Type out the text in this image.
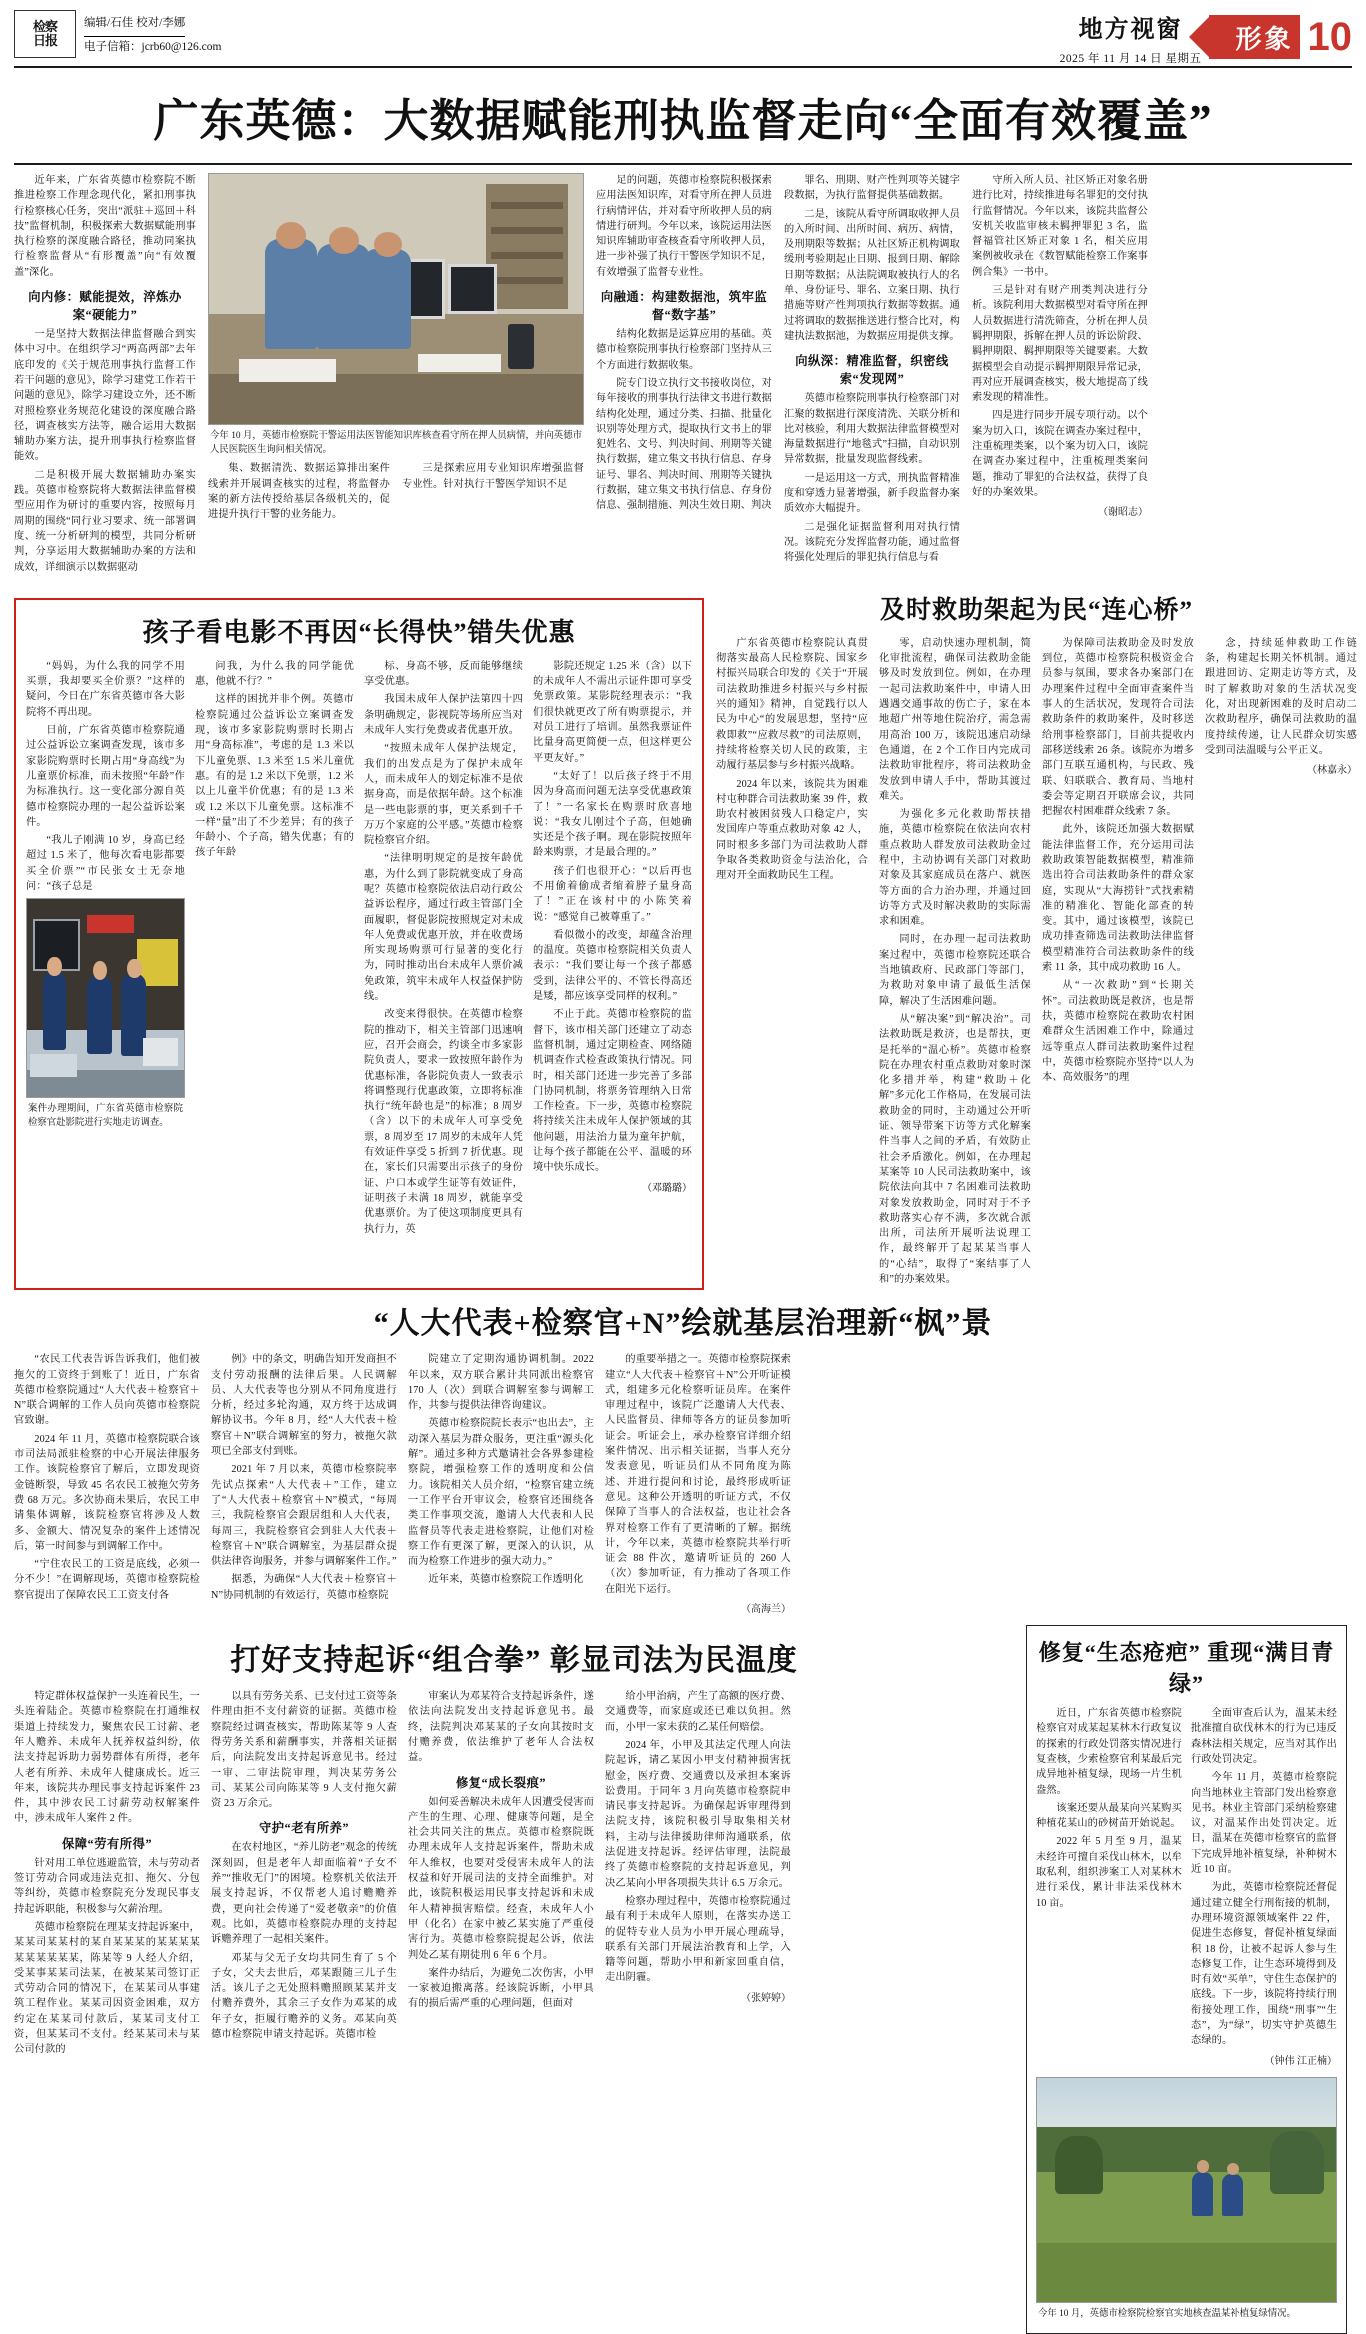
检察
日报
编辑/石佳 校对/李娜
电子信箱：jcrb60@126.com
地方视窗
2025 年 11 月 14 日 星期五
形象 10
广东英德：大数据赋能刑执监督走向“全面有效覆盖”

近年来，广东省英德市检察院不断推进检察工作理念现代化，紧扣刑事执行检察核心任务，突出“派驻＋巡回＋科技”监督机制，积极探索大数据赋能刑事执行检察的深度融合路径，推动同案执行检察监督从“有形覆盖”向“有效覆盖”深化。

向内修：赋能提效，淬炼办案“硬能力”

一是坚持大数据法律监督融合到实体中习中。在组织学习“两高两部”去年底印发的《关于规范刑事执行监督工作若干问题的意见》，除学习建党工作若干问题的意见》，除学习建设立外，还不断对照检察业务规范化建设的深度融合路径，调查核实方法等，融合运用大数据辅助办案方法，提升刑事执行检察监督能效。

二是积极开展大数据辅助办案实践。英德市检察院将大数据法律监督模型应用作为研讨的重要内容，按照每月周期的围绕“同行业习要求、统一部署调度、统一分析研判的模型，共同分析研判，分享运用大数据辅助办案的方法和成效，详细演示以数据驱动

今年 10 月，英德市检察院干警运用法医智能知识库核查看守所在押人员病情，并向英德市人民医院医生询问相关情况。

集、数据清洗、数据运算排出案件线索并开展调查核实的过程，将监督办案的新方法传授给基层各级机关的，促进提升执行干警的业务能力。

三是探索应用专业知识库增强监督专业性。针对执行干警医学知识不足

足的问题，英德市检察院积极探索应用法医知识库，对看守所在押人员进行病情评估，并对看守所收押人员的病情进行研判。今年以来，该院运用法医知识库辅助审查核查看守所收押人员，进一步补强了执行干警医学知识不足，有效增强了监督专业性。

向融通：构建数据池，筑牢监督“数字基”

结构化数据是运算应用的基础。英德市检察院刑事执行检察部门坚持从三个方面进行数据收集。

院专门设立执行文书接收岗位，对每年接收的刑事执行法律文书进行数据结构化处理，通过分类、扫描、批量化识别等处理方式，提取执行文书上的罪犯姓名、文号、判决时间、刑期等关键执行数据，建立集文书执行信息、存身证号、罪名、判决时间、刑期等关键执行数据，建立集文书执行信息、存身份信息、强制措施、判决生效日期、判决

罪名、刑期、财产性判项等关键字段数据，为执行监督提供基础数据。

二是，该院从看守所调取收押人员的入所时间、出所时间、病历、病情，及刑期限等数据；从社区矫正机构调取缓刑考验期起止日期、报到日期、解除日期等数据；从法院调取被执行人的名单、身份证号、罪名、立案日期、执行措施等财产性判项执行数据等数据。通过将调取的数据推送进行整合比对，构建执法数据池，为数据应用提供支撑。

向纵深：精准监督，织密线索“发现网”

英德市检察院刑事执行检察部门对汇聚的数据进行深度清洗、关联分析和比对核验，利用大数据法律监督模型对海量数据进行“地毯式”扫描，自动识别异常数据，批量发现监督线索。

一是运用这一方式，刑执监督精准度和穿透力显著增强，新手段监督办案质效亦大幅提升。

二是强化证据监督利用对执行情况。该院充分发挥监督功能，通过监督将强化处理后的罪犯执行信息与看

守所入所人员、社区矫正对象名册进行比对，持续推进每名罪犯的交付执行监督情况。今年以来，该院共监督公安机关收监审核未羁押罪犯 3 名，监督福管社区矫正对象 1 名，相关应用案例被收录在《数智赋能检察工作案事例合集》一书中。

三是针对有财产刑类判决进行分析。该院利用大数据模型对看守所在押人员数据进行清洗筛查，分析在押人员羁押期限，拆解在押人员的诉讼阶段、羁押期限、羁押期限等关键要素。大数据模型会自动提示羁押期限异常记录，再对应开展调查核实，极大地提高了线索发现的精准性。

四是进行同步开展专项行动。以个案为切入口，该院在调查办案过程中，注重梳理类案，以个案为切入口，该院在调查办案过程中，注重梳理类案问题，推动了罪犯的合法权益，获得了良好的办案效果。

（谢昭志）
孩子看电影不再因“长得快”错失优惠

“妈妈，为什么我的同学不用买票，我却要买全价票？”这样的疑问，今日在广东省英德市各大影院将不再出现。

日前，广东省英德市检察院通过公益诉讼立案调查发现，该市多家影院购票时长期占用“身高线”为儿童票价标准，而未按照“年龄”作为标准执行。这一变化部分源自英德市检察院办理的一起公益诉讼案件。

“我儿子刚满 10 岁，身高已经超过 1.5 米了，他每次看电影都要买全价票”“市民张女士无奈地问：“孩子总是

案件办理期间，广东省英德市检察院检察官赴影院进行实地走访调查。

问我，为什么我的同学能优惠，他就不行？”

这样的困扰并非个例。英德市检察院通过公益诉讼立案调查发现，该市多家影院购票时长期占用“身高标准”，考虑的是 1.3 米以下儿童免票、1.3 米至 1.5 米儿童优惠。有的是 1.2 米以下免票，1.2 米以上儿童半价优惠；有的是 1.3 米或 1.2 米以下儿童免票。这标准不一样“量”出了不少差异；有的孩子年龄小、个子高，错失优惠；有的孩子年龄

标、身高不够，反而能够继续享受优惠。

我国未成年人保护法第四十四条明确规定，影视院等场所应当对未成年人实行免费或者优惠开放。

“按照未成年人保护法规定，我们的出发点是为了保护未成年人，而未成年人的划定标准不是依据身高，而是依据年龄。这个标准是一些电影票的事，更关系到千千万万个家庭的公平感。”英德市检察院检察官介绍。

“法律明明规定的是按年龄优惠，为什么到了影院就变成了身高呢？英德市检察院依法启动行政公益诉讼程序，通过行政主管部门全面履职，督促影院按照规定对未成年人免费或优惠开放，并在收费场所实现场购票可行显著的变化行为，同时推动出台未成年人票价减免政策，筑牢未成年人权益保护防线。

改变来得很快。在英德市检察院的推动下，相关主管部门迅速响应，召开会商会，约谈全市多家影院负责人，要求一致按照年龄作为优惠标准，各影院负责人一致表示将调整现行优惠政策，立即将标准执行“统年龄也是”的标准；8 周岁（含）以下的未成年人可享受免票，8 周岁至 17 周岁的未成年人凭有效证件享受 5 折到 7 折优惠。现在，家长们只需要出示孩子的身份证、户口本或学生证等有效证件，证明孩子未满 18 周岁，就能享受优惠票价。为了使这项制度更具有执行力，英

影院还规定 1.25 米（含）以下的未成年人不需出示证件即可享受免票政策。某影院经理表示：“我们很快就更改了所有购票提示，并对员工进行了培训。虽然我票证件比量身高更简便一点，但这样更公平更友好。”

“太好了！以后孩子终于不用因为身高而问题无法享受优惠政策了！”一名家长在购票时欣喜地说：“我女儿刚过个子高，但她确实还是个孩子啊。现在影院按照年龄来购票，才是最合理的。”

孩子们也很开心：“以后再也不用偷着偷成者缩着脖子量身高了！”正在该村中的小陈笑着说：“感觉自己被尊重了。”

看似微小的改变，却蕴含治理的温度。英德市检察院相关负责人表示：“我们要让每一个孩子都感受到，法律公平的、不管长得高还是矮，都应该享受同样的权利。”

不止于此。英德市检察院的监督下，该市相关部门还建立了动态监督机制，通过定期检查、网络随机调查作式检查政策执行情况。同时，相关部门还进一步完善了多部门协同机制，将票务管理纳入日常工作检查。下一步，英德市检察院将持续关注未成年人保护领域的其他问题，用法治力量为童年护航，让每个孩子都能在公平、温暖的环境中快乐成长。

（邓璐璐）
及时救助架起为民“连心桥”

广东省英德市检察院认真贯彻落实最高人民检察院、国家乡村振兴局联合印发的《关于“开展司法救助推进乡村振兴与乡村振兴的通知》精神，自觉践行以人民为中心“的发展思想，坚持“应救即救”“应救尽救”的司法原则，持续将检察关切人民的政策，主动履行基层参与乡村振兴战略。

2024 年以来，该院共为困难村屯种群合司法救助案 39 件，救助农村被困贫残人口稳定户，实发国库户等重点救助对象 42 人，同时根多多部门为司法救助人群争取各类救助资金与法治化，合理对开全面救助民生工程。

零，启动快速办理机制，简化审批流程，确保司法救助金能够及时发放到位。例如，在办理一起司法救助案件中，申请人田遇遇交通事故的伤亡子，家在本地超广州等地住院治疗，需急需用高治 100 万，该院迅速启动绿色通道，在 2 个工作日内完成司法救助审批程序，将司法救助金发放到申请人手中，帮助其渡过难关。

为强化多元化救助帮扶措施，英德市检察院在依法向农村重点救助人群发放司法救助金过程中，主动协调有关部门对救助对象及其家庭成员在落户、就医等方面的合力治办理，并通过回访等方式及时解决救助的实际需求和困难。

同时，在办理一起司法救助案过程中，英德市检察院还联合当地镇政府、民政部门等部门，为救助对象申请了最低生活保障，解决了生活困难问题。

从“解决案”到“解决治”。司法救助既是救济，也是帮扶，更是托举的“温心桥”。英德市检察院在办理农村重点救助对象时深化多措并举，构建“救助＋化解”多元化工作格局，在发展司法救助金的同时，主动通过公开听证、领导带案下访等方式化解案件当事人之间的矛盾，有效防止社会矛盾激化。例如，在办理起某案等 10 人民司法救助案中，该院依法向其中 7 名困难司法救助对象发放救助金，同时对于不予救助落实心存不满，多次就合派出所，司法所开展听法说理工作，最终解开了起某某当事人的“心结”，取得了“案结事了人和”的办案效果。

为保障司法救助金及时发放到位，英德市检察院积极资金合员参与氛围，要求各办案部门在办理案件过程中全面审查案件当事人的生活状况，发现符合司法救助条件的救助案件，及时移送给刑事检察部门，目前共提收内部移送线索 26 条。该院亦为增多部门互联互通机构，与民政、残联、妇联联合、教育局、当地村委会等定期召开联席会议，共同把握农村困难群众线索 7 条。

此外，该院还加强大数据赋能法律监督工作，充分运用司法救助政策智能数据模型，精准筛选出符合司法救助条件的群众家庭，实现从“大海捞针”式找索精准的精准化、智能化部查的转变。其中，通过该模型，该院已成功排查筛选司法救助法律监督模型精准符合司法救助条件的线索 11 条，其中成功救助 16 人。

从“一次救助”到“长期关怀”。司法救助既是救济，也是帮扶，英德市检察院在救助农村困难群众生活困难工作中，除通过远等重点人群司法救助案件过程中，英德市检察院亦坚持“以人为本、高效服务”的理

念，持续延伸救助工作链条，构建起长期关怀机制。通过跟进回访、定期走访等方式，及时了解救助对象的生活状况变化，对出现新困难的及时启动二次救助程序，确保司法救助的温度持续传递，让人民群众切实感受到司法温暖与公平正义。

（林嘉永）
“人大代表+检察官+N”绘就基层治理新“枫”景

“农民工代表告诉告诉我们，他们被拖欠的工资终于到账了！近日，广东省英德市检察院通过“人大代表＋检察官＋N”联合调解的工作人员向英德市检察院官致谢。

2024 年 11 月，英德市检察院联合该市司法局派驻检察的中心开展法律服务工作。该院检察官了解后，立即发现资金链断裂，导致 45 名农民工被拖欠劳务费 68 万元。多次协商未果后，农民工申请集体调解，该院检察官将涉及人数多、金额大、情况复杂的案件上述情况后，第一时间参与到调解工作中。

“宁住农民工的工资是底线，必须一分不少！”在调解现场，英德市检察院检察官提出了保障农民工工资支付各

例》中的条文，明确告知开发商担不支付劳动报酬的法律后果。人民调解员、人大代表等也分别从不同角度进行分析，经过多轮沟通，双方终于达成调解协议书。今年 8 月，经“人大代表＋检察官＋N”联合调解室的努力，被拖欠款项已全部支付到账。

2021 年 7 月以来，英德市检察院率先试点探索“人大代表＋”工作，建立了“人大代表＋检察官＋N”模式，“每周三，我院检察官会跟居组和人大代表，每周三，我院检察官会到驻人大代表＋检察官＋N”联合调解室，为基层群众提供法律咨询服务，并参与调解案件工作。”

据悉，为确保“人大代表＋检察官＋N”协同机制的有效运行，英德市检察院

院建立了定期沟通协调机制。2022 年以来，双方联合累计共同派出检察官 170 人（次）到联合调解室参与调解工作，共参与提供法律咨询建议。

英德市检察院院长表示“也出去”，主动深入基层为群众服务，更注重“源头化解”。通过多种方式邀请社会各界参建检察院，增强检察工作的透明度和公信力。该院相关人员介绍，“检察官建立统一工作平台开审议会，检察官还围绕各类工作事项交流，邀请人大代表和人民监督员等代表走进检察院，让他们对检察工作有更深了解，更深入的认识，从而为检察工作进步的强大动力。”

近年来，英德市检察院工作透明化

的重要举措之一。英德市检察院探索建立“人大代表＋检察官＋N”公开听证模式，组建多元化检察听证员库。在案件审理过程中，该院广泛邀请人大代表、人民监督员、律师等各方的证员参加听证会。听证会上，承办检察官详细介绍案件情况、出示相关证据，当事人充分发表意见，听证员们从不同角度为陈述、并进行提问和讨论，最终形成听证意见。这种公开透明的听证方式，不仅保障了当事人的合法权益，也让社会各界对检察工作有了更清晰的了解。据统计，今年以来，英德市检察院共举行听证会 88 件次，邀请听证员的 260 人（次）参加听证，有力推动了各项工作在阳光下运行。

（高海兰）
打好支持起诉“组合拳” 彰显司法为民温度

特定群体权益保护一头连着民生，一头连着陆企。英德市检察院在打通维权渠道上持续发力，聚焦农民工讨薪、老年人赡养、未成年人抚养权益纠纷，依法支持起诉助力弱势群体有所得，老年人老有所养、未成年人健康成长。近三年来，该院共办理民事支持起诉案件 23 件，其中涉农民工讨薪劳动权解案件中，涉未成年人案件 2 件。

保障“劳有所得”

针对用工单位逃避监管，未与劳动者签订劳动合同或违法克扣、拖欠、分包等纠纷，英德市检察院充分发现民事支持起诉职能，积极参与欠薪治理。

英德市检察院在理某支持起诉案中，某某司某某村的某自某某某的某某某某某某某某某某，陈某等 9 人经人介绍，受某事某某司法某，在被某某司签订正式劳动合同的情况下，在某某司从事建筑工程作业。某某司因资金困难，双方约定在某某司付款后，某某司支付工资，但某某司不支付。经某某司未与某公司付款的

以具有劳务关系、已支付过工资等条件理由拒不支付薪资的证据。英德市检察院经过调查核实，帮助陈某等 9 人查得劳务关系和薪酬事实，并落相关证据后，向法院发出支持起诉意见书。经过一审、二审法院审理，判决某劳务公司、某某公司向陈某等 9 人支付拖欠薪资 23 万余元。

守护“老有所养”

在农村地区，“养儿防老”观念的传统深刻固，但是老年人却面临着“子女不养”“推收无门”的困境。检察机关依法开展支持起诉，不仅帮老人追讨赡赡养费，更向社会传递了“爱老敬亲”的价值观。比如，英德市检察院办理的支持起诉赡养理了一起相关案件。

邓某与父无子女均共同生育了 5 个子女，父夫去世后，邓某跟随三儿子生活。该儿子之无处照料赡照顾某某并支付赡养费外，其余三子女作为邓某的成年子女，拒履行赡养的义务。邓某向英德市检察院申请支持起诉。英德市检

审案认为邓某符合支持起诉条件，遂依法向法院发出支持起诉意见书。最终，法院判决邓某某的子女向其按时支付赡养费，依法维护了老年人合法权益。

修复“成长裂痕”

如何妥善解决未成年人因遭受侵害而产生的生理、心理、健康等问题，是全社会共同关注的焦点。英德市检察院既办理未成年人支持起诉案件，帮助未成年人维权，也要对受侵害未成年人的法权益和好开展司法的支持全面维护。对此，该院积极运用民事支持起诉和未成年人精神损害赔偿。经查，未成年人小甲（化名）在家中被乙某实施了严重侵害行为。英德市检察院提起公诉，依法判处乙某有期徒刑 6 年 6 个月。

案件办结后，为避免二次伤害，小甲一家被迫搬离落。经该院诉断，小甲具有的损后需严重的心理问题，但面对

给小甲治病，产生了高额的医疗费、交通费等，而家庭或还已难以负担。然而，小甲一家未获的乙某任何赔偿。

2024 年，小甲及其法定代理人向法院起诉，请乙某因小甲支付精神损害抚慰金，医疗费、交通费以及承担本案诉讼费用。于同年 3 月向英德市检察院申请民事支持起诉。为确保起诉审理得到法院支持，该院积极引导取集相关材料，主动与法律援助律师沟通联系，依法促进支持起诉。经评估审理，法院最终了英德市检察院的支持起诉意见，判决乙某向小甲各项损失共计 6.5 万余元。

检察办理过程中，英德市检察院通过最有利于未成年人原则，在落实办送工的促特专业人员为小甲开展心理疏导，联系有关部门开展法治教育和上学，入籍等问题，帮助小甲和新家回重自信，走出阴霾。

（张婷婷）
修复“生态疮疤” 重现“满目青绿”

近日，广东省英德市检察院检察官对成某起某林木行政复议的探索的行政处罚落实情况进行复查核，少索检察官利某最后完成异地补植复绿，现场一片生机盎然。

该案还要从最某向兴某购买种植花某山的砂树苗开始说起。

2022 年 5 月至 9 月，温某未经许可擅自采伐山林木，以牟取私利，组织涉案工人对某林木进行采伐，累计非法采伐林木 10 亩。

全面审查后认为，温某未经批准擅自砍伐林木的行为已违反森林法相关规定，应当对其作出行政处罚决定。

今年 11 月，英德市检察院向当地林业主管部门发出检察意见书。林业主管部门采纳检察建议，对温某作出处罚决定。近日，温某在英德市检察官的监督下完成异地补植复绿，补种树木近 10 亩。

为此，英德市检察院还督促通过建立健全行刑衔接的机制，办理环境资源领域案件 22 件，促进生态修复，督促补植复绿面积 18 份，让被不起诉人参与生态修复工作，让生态环境得到及时有效“买单”，守住生态保护的底线。下一步，该院将持续行刑衔接处理工作，围绕“刑事”“生态”，为“绿”，切实守护英德生态绿的。

（钟伟 江正楠）
今年 10 月，英德市检察院检察官实地核查温某补植复绿情况。
